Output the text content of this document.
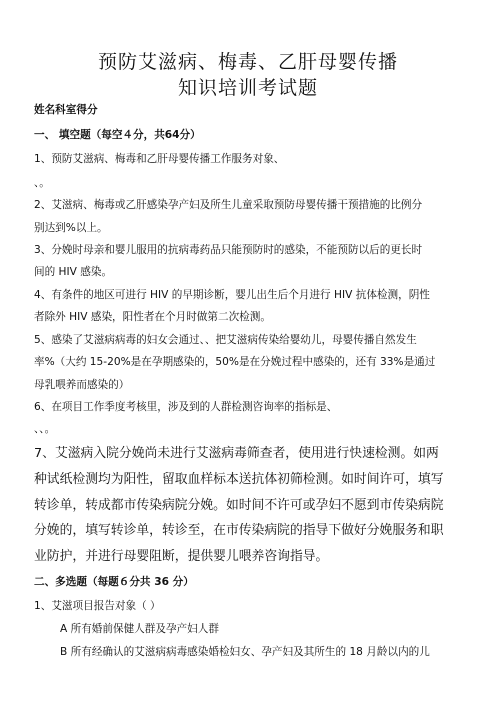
预防艾滋病、梅毒、乙肝母婴传播
知识培训考试题
姓名科室得分
一、 填空题（每空４分，共64分）
1、预防艾滋病、梅毒和乙肝母婴传播工作服务对象、
、。
2、艾滋病、梅毒或乙肝感染孕产妇及所生儿童采取预防母婴传播干预措施的比例分
别达到%以上。
3、分娩时母亲和婴儿服用的抗病毒药品只能预防时的感染，不能预防以后的更长时
间的 HIV 感染。
4、有条件的地区可进行 HIV 的早期诊断，婴儿出生后个月进行 HIV 抗体检测，阴性
者除外 HIV 感染，阳性者在个月时做第二次检测。
5、感染了艾滋病病毒的妇女会通过、、把艾滋病传染给婴幼儿，母婴传播自然发生
率%（大约 15-20%是在孕期感染的，50%是在分娩过程中感染的，还有 33%是通过
母乳喂养而感染的）
6、在项目工作季度考核里，涉及到的人群检测咨询率的指标是、
、、。
7、艾滋病入院分娩尚未进行艾滋病毒筛查者，使用进行快速检测。如两
种试纸检测均为阳性，留取血样标本送抗体初筛检测。如时间许可，填写
转诊单，转成都市传染病院分娩。如时间不许可或孕妇不愿到市传染病院
分娩的，填写转诊单，转诊至，在市传染病院的指导下做好分娩服务和职
业防护，并进行母婴阻断，提供婴儿喂养咨询指导。
二、多选题（每题６分共 36 分）
1、艾滋项目报告对象（ ）
A 所有婚前保健人群及孕产妇人群
B 所有经确认的艾滋病病毒感染婚检妇女、孕产妇及其所生的 18 月龄以内的儿
